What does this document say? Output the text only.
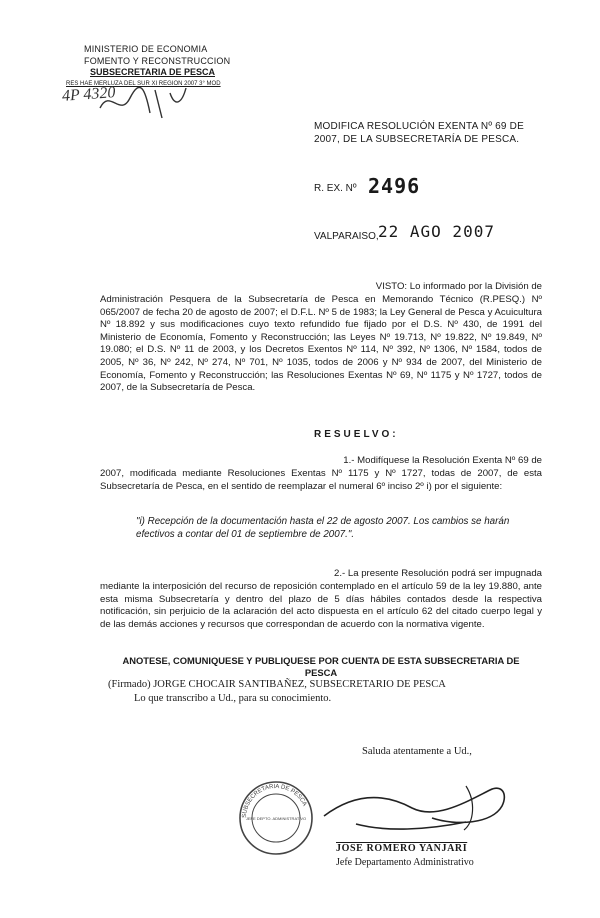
MINISTERIO DE ECONOMIA
FOMENTO Y RECONSTRUCCION
SUBSECRETARIA DE PESCA
RES HAE MERLUZA DEL SUR XI REGION 2007 3° MOD
4P 4320
MODIFICA RESOLUCIÓN EXENTA Nº 69 DE
2007, DE LA SUBSECRETARÍA DE PESCA.
R. EX. Nº 2496
VALPARAISO, 22 AGO 2007
VISTO: Lo informado por la División de
Administración Pesquera de la Subsecretaría de Pesca en Memorando Técnico (R.PESQ.) Nº 065/2007 de fecha 20 de agosto de 2007; el D.F.L. Nº 5 de 1983; la Ley General de Pesca y Acuicultura Nº 18.892 y sus modificaciones cuyo texto refundido fue fijado por el D.S. Nº 430, de 1991 del Ministerio de Economía, Fomento y Reconstrucción; las Leyes Nº 19.713, Nº 19.822, Nº 19.849, Nº 19.080; el D.S. Nº 11 de 2003, y los Decretos Exentos Nº 114, Nº 392, Nº 1306, Nº 1584, todos de 2005, Nº 36, Nº 242, Nº 274, Nº 701, Nº 1035, todos de 2006 y Nº 934 de 2007, del Ministerio de Economía, Fomento y Reconstrucción; las Resoluciones Exentas Nº 69, Nº 1175 y Nº 1727, todos de 2007, de la Subsecretaría de Pesca.
RESUELVO:
1.- Modifíquese la Resolución Exenta Nº 69 de
2007, modificada mediante Resoluciones Exentas Nº 1175 y Nº 1727, todas de 2007, de esta Subsecretaría de Pesca, en el sentido de reemplazar el numeral 6º inciso 2º i) por el siguiente:
"i) Recepción de la documentación hasta el 22 de agosto 2007. Los cambios se harán efectivos a contar del 01 de septiembre de 2007.".
2.- La presente Resolución podrá ser impugnada
mediante la interposición del recurso de reposición contemplado en el artículo 59 de la ley 19.880, ante esta misma Subsecretaría y dentro del plazo de 5 días hábiles contados desde la respectiva notificación, sin perjuicio de la aclaración del acto dispuesta en el artículo 62 del citado cuerpo legal y de las demás acciones y recursos que correspondan de acuerdo con la normativa vigente.
ANOTESE, COMUNIQUESE Y PUBLIQUESE POR CUENTA DE ESTA SUBSECRETARIA DE
PESCA
(Firmado) JORGE CHOCAIR SANTIBAÑEZ, SUBSECRETARIO DE PESCA
Lo que transcribo a Ud., para su conocimiento.
Saluda atentamente a Ud.,
SUBSECRETARIA DE PESCA
JEFE DEPTO. ADMINISTRATIVO
JOSE ROMERO YANJARI
Jefe Departamento Administrativo
